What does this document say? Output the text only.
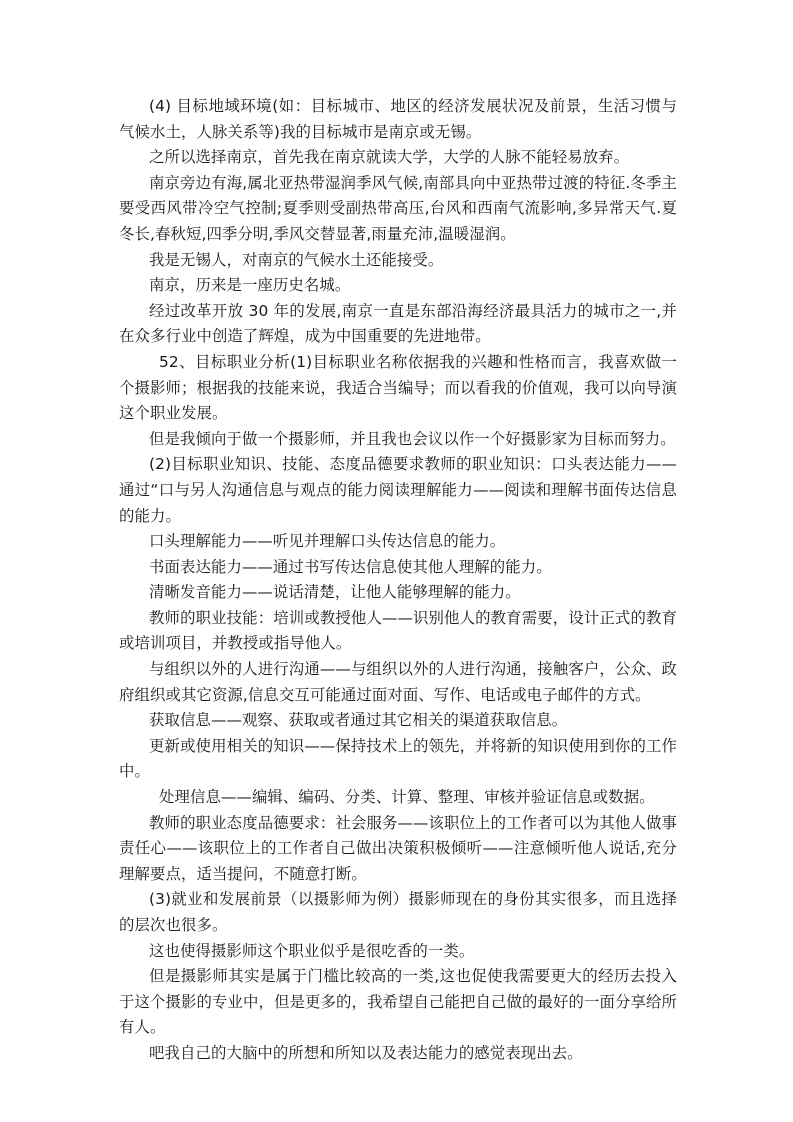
(4) 目标地域环境(如：目标城市、地区的经济发展状况及前景，生活习惯与气候水土，人脉关系等)我的目标城市是南京或无锡。

之所以选择南京，首先我在南京就读大学，大学的人脉不能轻易放弃。

南京旁边有海,属北亚热带湿润季风气候,南部具向中亚热带过渡的特征.冬季主要受西风带冷空气控制;夏季则受副热带高压,台风和西南气流影响,多异常天气.夏冬长,春秋短,四季分明,季风交替显著,雨量充沛,温暖湿润。

我是无锡人，对南京的气候水土还能接受。

南京，历来是一座历史名城。

经过改革开放 30 年的发展,南京一直是东部沿海经济最具活力的城市之一,并在众多行业中创造了辉煌，成为中国重要的先进地带。

52、目标职业分析(1)目标职业名称依据我的兴趣和性格而言，我喜欢做一个摄影师；根据我的技能来说，我适合当编导；而以看我的价值观，我可以向导演这个职业发展。

但是我倾向于做一个摄影师，并且我也会议以作一个好摄影家为目标而努力。

(2)目标职业知识、技能、态度品德要求教师的职业知识：口头表达能力——通过“口与另人沟通信息与观点的能力阅读理解能力——阅读和理解书面传达信息的能力。

口头理解能力——听见并理解口头传达信息的能力。

书面表达能力——通过书写传达信息使其他人理解的能力。

清晰发音能力——说话清楚，让他人能够理解的能力。

教师的职业技能：培训或教授他人——识别他人的教育需要，设计正式的教育或培训项目，并教授或指导他人。

与组织以外的人进行沟通——与组织以外的人进行沟通，接触客户，公众、政府组织或其它资源,信息交互可能通过面对面、写作、电话或电子邮件的方式。

获取信息——观察、获取或者通过其它相关的渠道获取信息。

更新或使用相关的知识——保持技术上的领先，并将新的知识使用到你的工作中。

处理信息——编辑、编码、分类、计算、整理、审核并验证信息或数据。

教师的职业态度品德要求：社会服务——该职位上的工作者可以为其他人做事责任心——该职位上的工作者自己做出决策积极倾听——注意倾听他人说话,充分理解要点，适当提问，不随意打断。

(3)就业和发展前景（以摄影师为例）摄影师现在的身份其实很多，而且选择的层次也很多。

这也使得摄影师这个职业似乎是很吃香的一类。

但是摄影师其实是属于门槛比较高的一类,这也促使我需要更大的经历去投入于这个摄影的专业中，但是更多的，我希望自己能把自己做的最好的一面分享给所有人。

吧我自己的大脑中的所想和所知以及表达能力的感觉表现出去。
